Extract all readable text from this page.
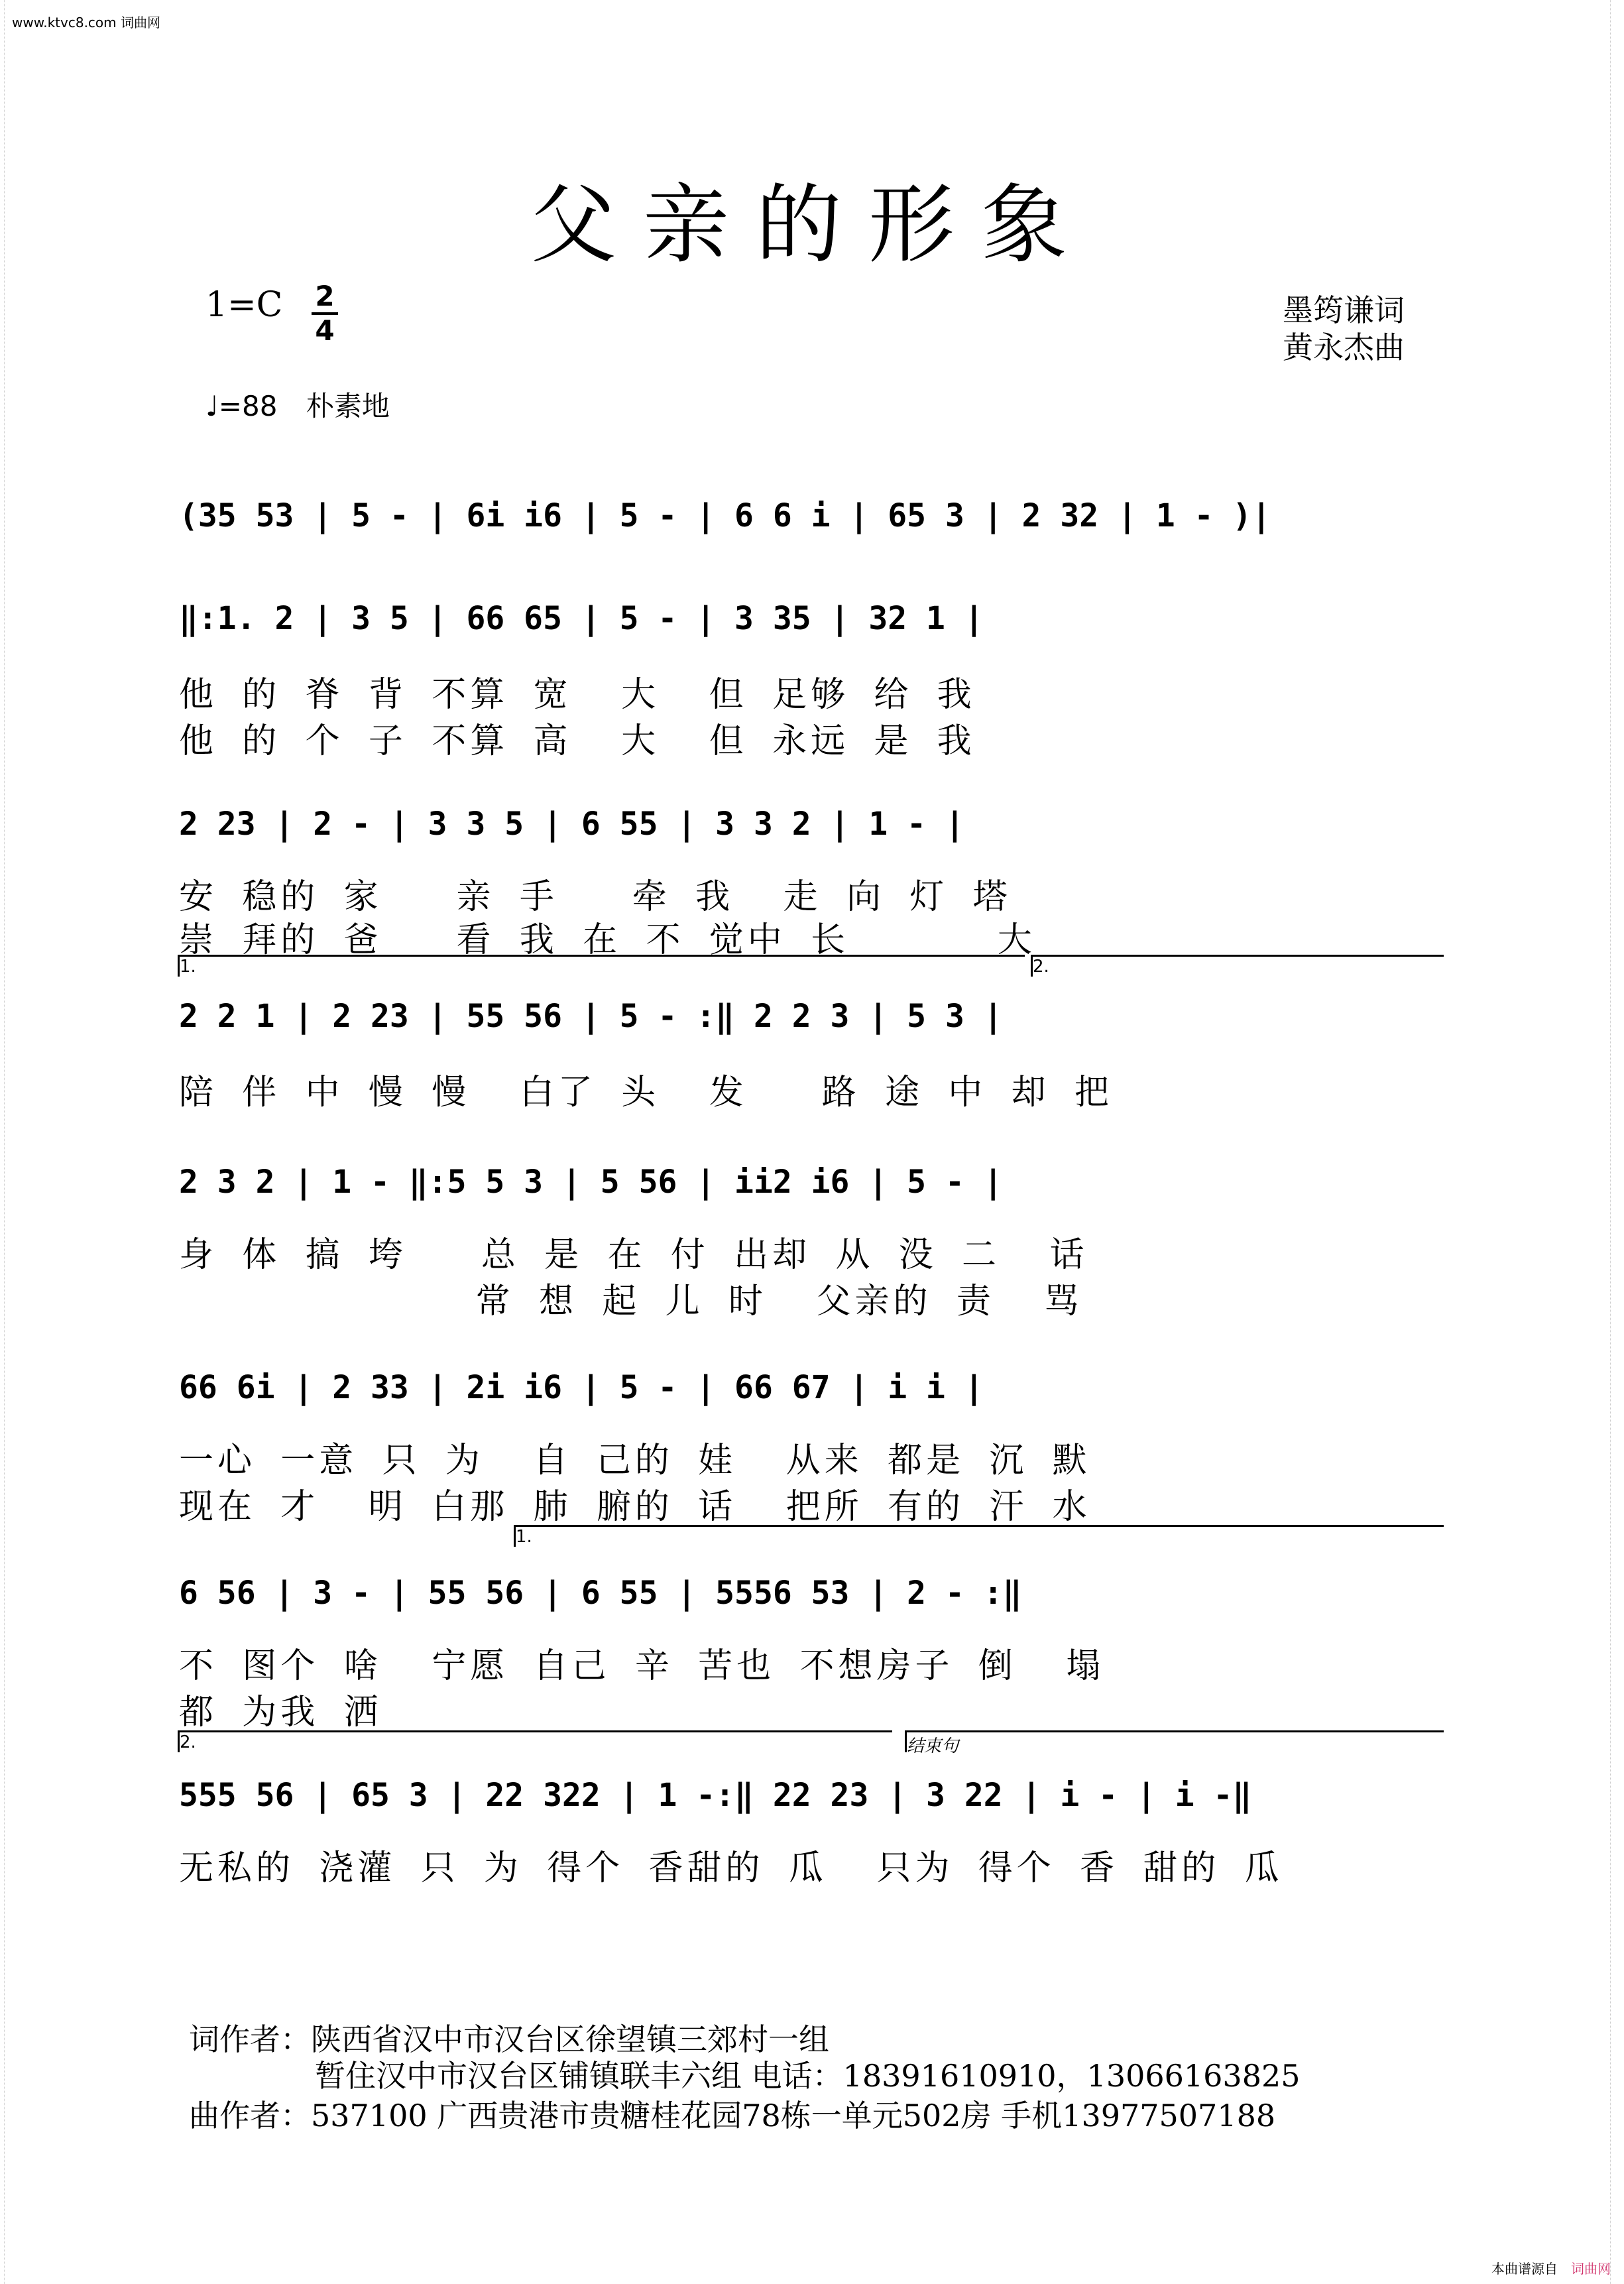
www.ktvc8.com 词曲网
父亲的形象
1=C 2
4
墨筠谦词
黄永杰曲
♩=88 朴素地
(35 53 | 5 - | 6i i6 | 5 - | 6 6 i | 65 3 | 2 32 | 1 - )|
‖:1. 2 | 3 5 | 66 65 | 5 - | 3 35 | 32 1 |
他 的 脊 背 不算 宽  大  但 足够 给 我
他 的 个 子 不算 高  大  但 永远 是 我
2 23 | 2 - | 3 3 5 | 6 55 | 3 3 2 | 1 - |
安 稳的 家   亲 手   牵 我  走 向 灯 塔
崇 拜的 爸   看 我 在 不 觉中 长      大
1.	2.
2 2 1 | 2 23 | 55 56 | 5 - :‖ 2 2 3 | 5 3 |
陪 伴 中 慢 慢  白了 头  发   路 途 中 却 把
2 3 2 | 1 - ‖:5 5 3 | 5 56 | ii2 i6 | 5 - |
身 体 搞 垮   总 是 在 付 出却 从 没 二  话
常 想 起 儿 时  父亲的 责  骂
66 6i | 2 33 | 2i i6 | 5 - | 66 67 | i i |
一心 一意 只 为  自 己的 娃  从来 都是 沉 默
现在 才  明 白那 肺 腑的 话  把所 有的 汗 水
1.
6 56 | 3 - | 55 56 | 6 55 | 5556 53 | 2 - :‖
不 图个 啥  宁愿 自己 辛 苦也 不想房子 倒  塌
都 为我 洒
2.	结束句
555 56 | 65 3 | 22 322 | 1 -:‖ 22 23 | 3 22 | i - | i -‖
无私的 浇灌 只 为 得个 香甜的 瓜  只为 得个 香 甜的 瓜
词作者：陕西省汉中市汉台区徐望镇三郊村一组
暂住汉中市汉台区铺镇联丰六组 电话：18391610910，13066163825
曲作者：537100 广西贵港市贵糖桂花园78栋一单元502房 手机13977507188
本曲谱源自 词曲网
